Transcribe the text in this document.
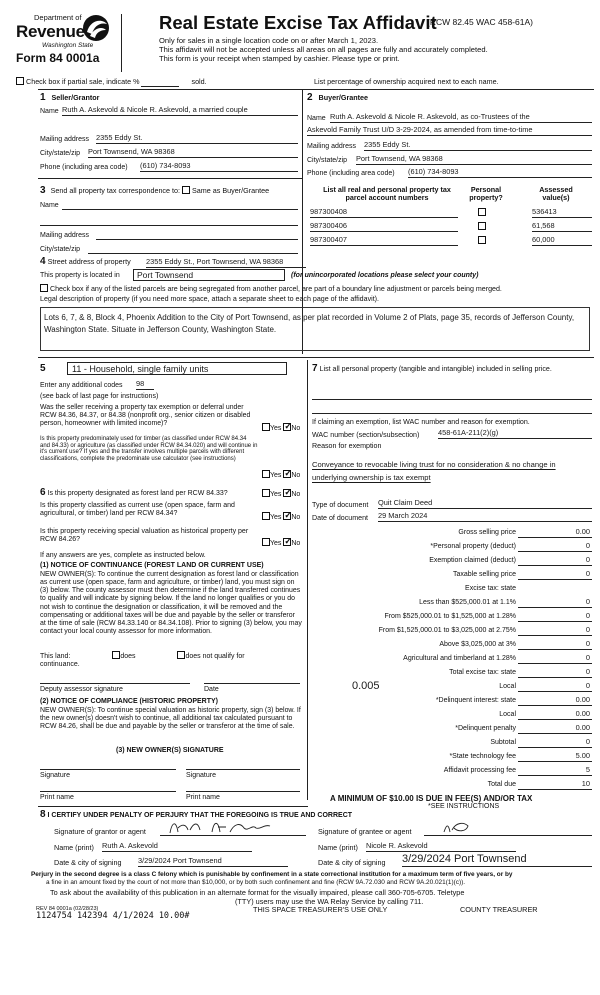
Department of
Revenue
Washington State
Form 84 0001a
Real Estate Excise Tax Affidavit
(RCW 82.45 WAC 458-61A)
Only for sales in a single location code on or after March 1, 2023.
This affidavit will not be accepted unless all areas on all pages are fully and accurately completed.
This form is your receipt when stamped by cashier. Please type or print.
Check box if partial sale, indicate %	sold.	List percentage of ownership acquired next to each name.
1 Seller/Grantor
Name Ruth A. Askevold & Nicole R. Askevold, a married couple
Mailing address 2355 Eddy St.
City/state/zip Port Townsend, WA 98368
Phone (including area code) (610) 734-8093
2 Buyer/Grantee
Name Ruth A. Askevold & Nicole R. Askevold, as co-Trustees of the
Askevold Family Trust U/D 3-29-2024, as amended from time-to-time
Mailing address 2355 Eddy St.
City/state/zip Port Townsend, WA 98368
Phone (including area code) (610) 734-8093
3 Send all property tax correspondence to: Same as Buyer/Grantee
Name
Mailing address
City/state/zip
List all real and personal property tax
parcel account numbers
Personal
property?
Assessed
value(s)
987300408	536413
987300406	61,568
987300407	60,000
4 Street address of property 2355 Eddy St., Port Townsend, WA 98368
This property is located in	Port Townsend	(for unincorporated locations please select your county)
Check box if any of the listed parcels are being segregated from another parcel, are part of a boundary line adjustment or parcels being merged.
Legal description of property (if you need more space, attach a separate sheet to each page of the affidavit).
Lots 6, 7, & 8, Block 4, Phoenix Addition to the City of Port Townsend, as per plat recorded in Volume 2 of Plats, page 35, records of Jefferson County, Washington State. Situate in Jefferson County, Washington State.
5	11 - Household, single family units
Enter any additional codes 98
(see back of last page for instructions)
Was the seller receiving a property tax exemption or deferral under RCW 84.36, 84.37, or 84.38 (nonprofit org., senior citizen or disabled person, homeowner with limited income)?
Yes ✓ No
Is this property predominately used for timber (as classified under RCW 84.34 and 84.33) or agriculture (as classified under RCW 84.34.020) and will continue in it's current use? If yes and the transfer involves multiple parcels with different classifications, complete the predominate use calculator (see instructions)
Yes ✓ No
6 Is this property designated as forest land per RCW 84.33?	Yes ✓ No
Is this property classified as current use (open space, farm and agricultural, or timber) land per RCW 84.34?
Yes ✓ No
Is this property receiving special valuation as historical property per RCW 84.26?
Yes ✓ No
If any answers are yes, complete as instructed below.
(1) NOTICE OF CONTINUANCE (FOREST LAND OR CURRENT USE)
NEW OWNER(S): To continue the current designation as forest land or classification as current use (open space, farm and agriculture, or timber) land, you must sign on (3) below. The county assessor must then determine if the land transferred continues to qualify and will indicate by signing below. If the land no longer qualifies or you do not wish to continue the designation or classification, it will be removed and the compensating or additional taxes will be due and payable by the seller or transferor at the time of sale (RCW 84.33.140 or 84.34.108). Prior to signing (3) below, you may contact your local county assessor for more information.
This land:	does	does not qualify for
continuance.
Deputy assessor signature	Date
(2) NOTICE OF COMPLIANCE (HISTORIC PROPERTY)
NEW OWNER(S): To continue special valuation as historic property, sign (3) below. If the new owner(s) doesn't wish to continue, all additional tax calculated pursuant to RCW 84.26, shall be due and payable by the seller or transferor at the time of sale.
(3) NEW OWNER(S) SIGNATURE
Signature	Signature
Print name	Print name
7 List all personal property (tangible and intangible) included in selling price.
If claiming an exemption, list WAC number and reason for exemption.
WAC number (section/subsection)	458-61A-211(2)(g)
Reason for exemption
Conveyance to revocable living trust for no consideration & no change in underlying ownership is tax exempt
Type of document Quit Claim Deed
Date of document 29 March 2024
Gross selling price	0.00
*Personal property (deduct)	0
Exemption claimed (deduct)	0
Taxable selling price	0
Excise tax: state
Less than $525,000.01 at 1.1%	0
From $525,000.01 to $1,525,000 at 1.28%	0
From $1,525,000.01 to $3,025,000 at 2.75%	0
Above $3,025,000 at 3%	0
Agricultural and timberland at 1.28%	0
Total excise tax: state	0
0.005	Local	0
*Delinquent interest: state	0.00
Local	0.00
*Delinquent penalty	0.00
Subtotal	0
*State technology fee	5.00
Affidavit processing fee	5
Total due	10
A MINIMUM OF $10.00 IS DUE IN FEE(S) AND/OR TAX
*SEE INSTRUCTIONS
8 I CERTIFY UNDER PENALTY OF PERJURY THAT THE FOREGOING IS TRUE AND CORRECT
Signature of grantor or agent	Signature of grantee or agent
Name (print) Ruth A. Askevold	Name (print) Nicole R. Askevold
Date & city of signing 3/29/2024 Port Townsend	Date & city of signing 3/29/2024 Port Townsend
Perjury in the second degree is a class C felony which is punishable by confinement in a state correctional institution for a maximum term of five years, or by
a fine in an amount fixed by the court of not more than $10,000, or by both such confinement and fine (RCW 9A.72.030 and RCW 9A.20.021(1)(c)).
To ask about the availability of this publication in an alternate format for the visually impaired, please call 360-705-6705. Teletype
(TTY) users may use the WA Relay Service by calling 711.
REV 84 0001a (02/28/23)
1124754 142394 4/1/2024 10.00#
THIS SPACE TREASURER'S USE ONLY	COUNTY TREASURER
